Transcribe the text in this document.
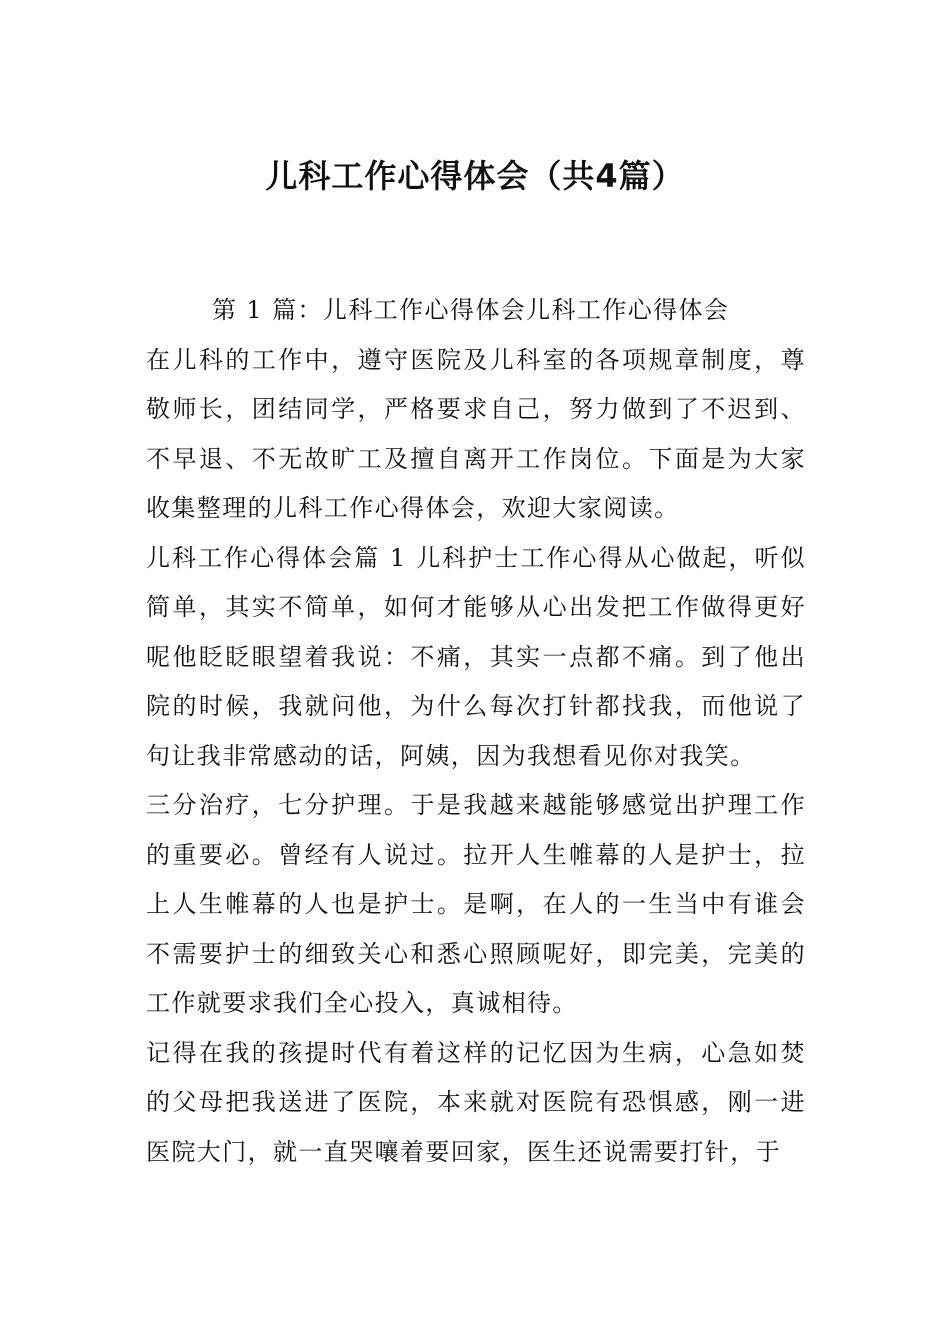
儿科工作心得体会（共4篇）

第 1 篇：儿科工作心得体会儿科工作心得体会

在儿科的工作中，遵守医院及儿科室的各项规章制度，尊敬师长，团结同学，严格要求自己，努力做到了不迟到、不早退、不无故旷工及擅自离开工作岗位。下面是为大家收集整理的儿科工作心得体会，欢迎大家阅读。

儿科工作心得体会篇 1 儿科护士工作心得从心做起，听似简单，其实不简单，如何才能够从心出发把工作做得更好呢他眨眨眼望着我说：不痛，其实一点都不痛。到了他出院的时候，我就问他，为什么每次打针都找我，而他说了句让我非常感动的话，阿姨，因为我想看见你对我笑。

三分治疗，七分护理。于是我越来越能够感觉出护理工作的重要必。曾经有人说过。拉开人生帷幕的人是护士，拉上人生帷幕的人也是护士。是啊，在人的一生当中有谁会不需要护士的细致关心和悉心照顾呢好，即完美，完美的工作就要求我们全心投入，真诚相待。

记得在我的孩提时代有着这样的记忆因为生病，心急如焚的父母把我送进了医院，本来就对医院有恐惧感，刚一进医院大门，就一直哭嚷着要回家，医生还说需要打针，于
